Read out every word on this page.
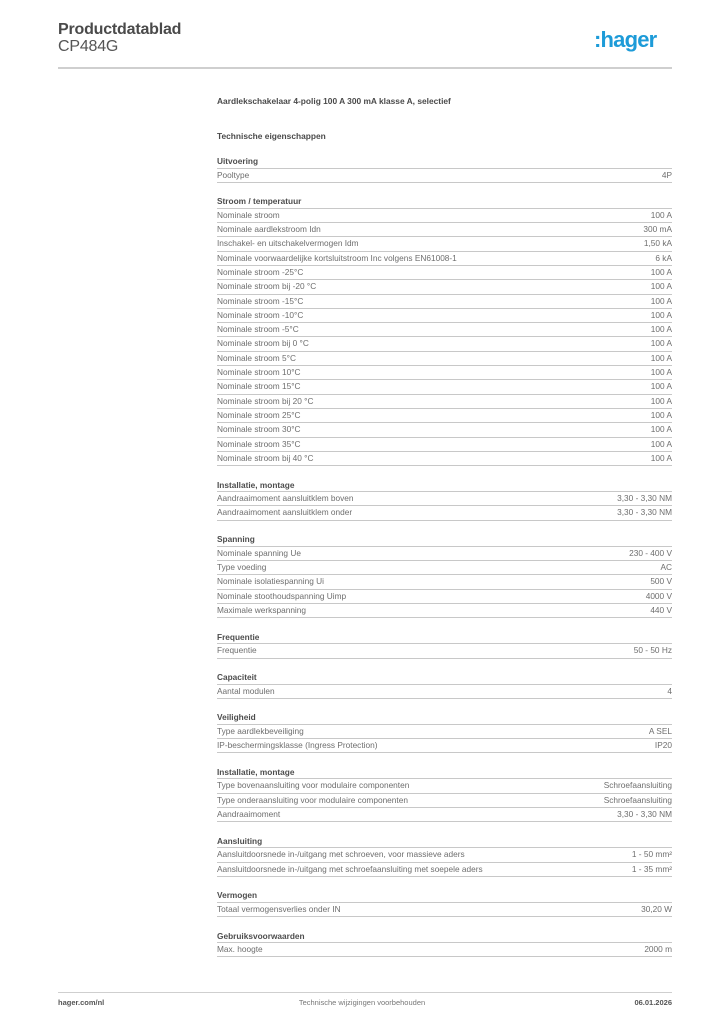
Productdatablad
CP484G	:hager
Aardlekschakelaar 4-polig 100 A 300 mA klasse A, selectief
Technische eigenschappen
Uitvoering
Pooltype	4P
Stroom / temperatuur
Nominale stroom	100 A
Nominale aardlekstroom Idn	300 mA
Inschakel- en uitschakelvermogen Idm	1,50 kA
Nominale voorwaardelijke kortsluitstroom Inc volgens EN61008-1	6 kA
Nominale stroom -25°C	100 A
Nominale stroom bij -20 °C	100 A
Nominale stroom -15°C	100 A
Nominale stroom -10°C	100 A
Nominale stroom -5°C	100 A
Nominale stroom bij 0 °C	100 A
Nominale stroom 5°C	100 A
Nominale stroom 10°C	100 A
Nominale stroom 15°C	100 A
Nominale stroom bij 20 °C	100 A
Nominale stroom 25°C	100 A
Nominale stroom 30°C	100 A
Nominale stroom 35°C	100 A
Nominale stroom bij 40 °C	100 A
Installatie, montage
Aandraaimoment aansluitklem boven	3,30 - 3,30 NM
Aandraaimoment aansluitklem onder	3,30 - 3,30 NM
Spanning
Nominale spanning Ue	230 - 400 V
Type voeding	AC
Nominale isolatiespanning Ui	500 V
Nominale stoothoudspanning Uimp	4000 V
Maximale werkspanning	440 V
Frequentie
Frequentie	50 - 50 Hz
Capaciteit
Aantal modulen	4
Veiligheid
Type aardlekbeveiliging	A SEL
IP-beschermingsklasse (Ingress Protection)	IP20
Installatie, montage
Type bovenaansluiting voor modulaire componenten	Schroefaansluiting
Type onderaansluiting voor modulaire componenten	Schroefaansluiting
Aandraaimoment	3,30 - 3,30 NM
Aansluiting
Aansluitdoorsnede in-/uitgang met schroeven, voor massieve aders	1 - 50 mm²
Aansluitdoorsnede in-/uitgang met schroefaansluiting met soepele aders	1 - 35 mm²
Vermogen
Totaal vermogensverlies onder IN	30,20 W
Gebruiksvoorwaarden
Max. hoogte	2000 m
hager.com/nl	Technische wijzigingen voorbehouden	06.01.2026
